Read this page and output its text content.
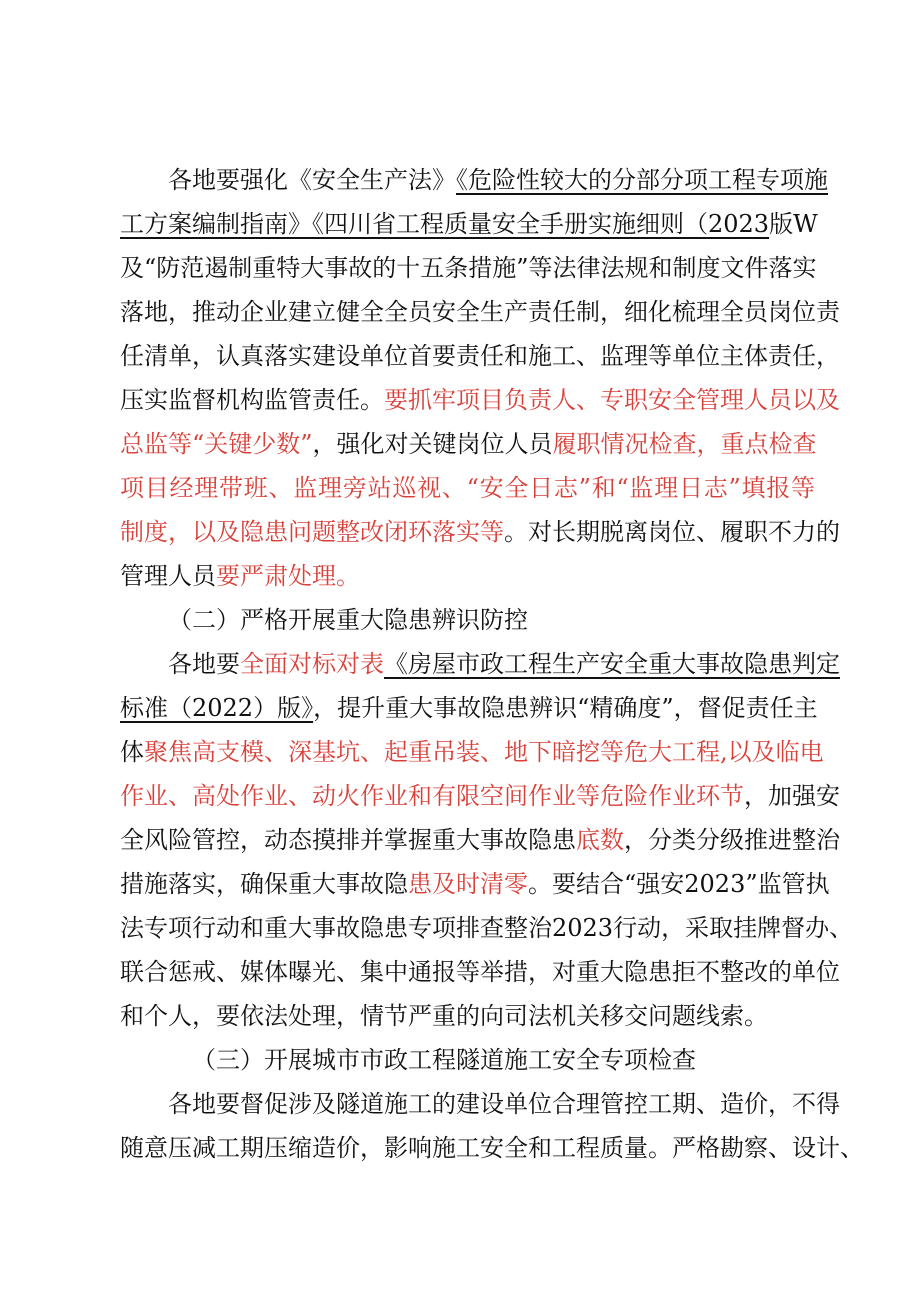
各地要强化《安全生产法》《危险性较大的分部分项工程专项施
工方案编制指南》《四川省工程质量安全手册实施细则（2023版W
及“防范遏制重特大事故的十五条措施”等法律法规和制度文件落实
落地，推动企业建立健全全员安全生产责任制，细化梳理全员岗位责
任清单，认真落实建设单位首要责任和施工、监理等单位主体责任，
压实监督机构监管责任。要抓牢项目负责人、专职安全管理人员以及
总监等“关键少数”，强化对关键岗位人员履职情况检查，重点检查
项目经理带班、监理旁站巡视、“安全日志”和“监理日志”填报等
制度，以及隐患问题整改闭环落实等。对长期脱离岗位、履职不力的
管理人员要严肃处理。
（二）严格开展重大隐患辨识防控
各地要全面对标对表《房屋市政工程生产安全重大事故隐患判定
标准（2022）版》，提升重大事故隐患辨识“精确度”，督促责任主
体聚焦高支模、深基坑、起重吊装、地下暗挖等危大工程,以及临电
作业、高处作业、动火作业和有限空间作业等危险作业环节，加强安
全风险管控，动态摸排并掌握重大事故隐患底数，分类分级推进整治
措施落实，确保重大事故隐患及时清零。要结合“强安2023”监管执
法专项行动和重大事故隐患专项排查整治2023行动，采取挂牌督办、
联合惩戒、媒体曝光、集中通报等举措，对重大隐患拒不整改的单位
和个人，要依法处理，情节严重的向司法机关移交问题线索。
（三）开展城市市政工程隧道施工安全专项检查
各地要督促涉及隧道施工的建设单位合理管控工期、造价，不得
随意压减工期压缩造价，影响施工安全和工程质量。严格勘察、设计、
